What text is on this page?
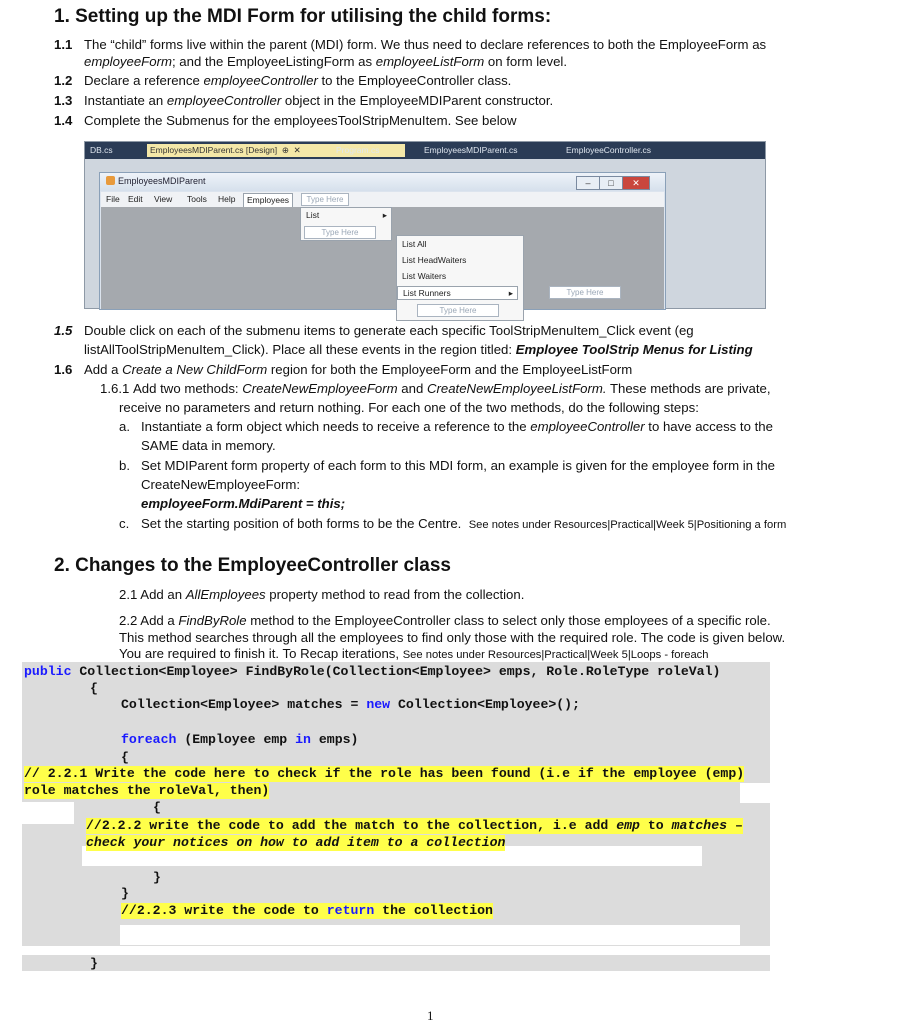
1. Setting up the MDI Form for utilising the child forms:
1.1 The “child” forms live within the parent (MDI) form. We thus need to declare references to both the EmployeeForm as
employeeForm; and the EmployeeListingForm as employeeListForm on form level.
1.2 Declare a reference employeeController to the EmployeeController class.
1.3 Instantiate an employeeController object in the EmployeeMDIParent constructor.
1.4 Complete the Submenus for the employeesToolStripMenuItem. See below
DB.cs	EmployeesMDIParent.cs [Design] ⊕ ✕	Program.cs	EmployeesMDIParent.cs	EmployeeController.cs
EmployeesMDIParent	–	□	✕
File Edit View Tools Help	Employees	Type Here
List	▸
Type Here
List All
List HeadWaiters
List Waiters
List Runners	▸
Type Here
Type Here
1.5 Double click on each of the submenu items to generate each specific ToolStripMenuItem_Click event (eg
listAllToolStripMenuItem_Click). Place all these events in the region titled: Employee ToolStrip Menus for Listing
1.6 Add a Create a New ChildForm region for both the EmployeeForm and the EmployeeListForm
1.6.1 Add two methods: CreateNewEmployeeForm and CreateNewEmployeeListForm. These methods are private,
receive no parameters and return nothing. For each one of the two methods, do the following steps:
a. Instantiate a form object which needs to receive a reference to the employeeController to have access to the
SAME data in memory.
b. Set MDIParent form property of each form to this MDI form, an example is given for the employee form in the
CreateNewEmployeeForm:
employeeForm.MdiParent = this;
c. Set the starting position of both forms to be the Centre. See notes under Resources|Practical|Week 5|Positioning a form
2. Changes to the EmployeeController class
2.1 Add an AllEmployees property method to read from the collection.
2.2 Add a FindByRole method to the EmployeeController class to select only those employees of a specific role.
This method searches through all the employees to find only those with the required role. The code is given below.
You are required to finish it. To Recap iterations, See notes under Resources|Practical|Week 5|Loops - foreach
public Collection<Employee> FindByRole(Collection<Employee> emps, Role.RoleType roleVal)
{
Collection<Employee> matches = new Collection<Employee>();
foreach (Employee emp in emps)
{
// 2.2.1 Write the code here to check if the role has been found (i.e if the employee (emp)
role matches the roleVal, then)
{
//2.2.2 write the code to add the match to the collection, i.e add emp to matches –
check your notices on how to add item to a collection
}
}
//2.2.3 write the code to return the collection
}
1
